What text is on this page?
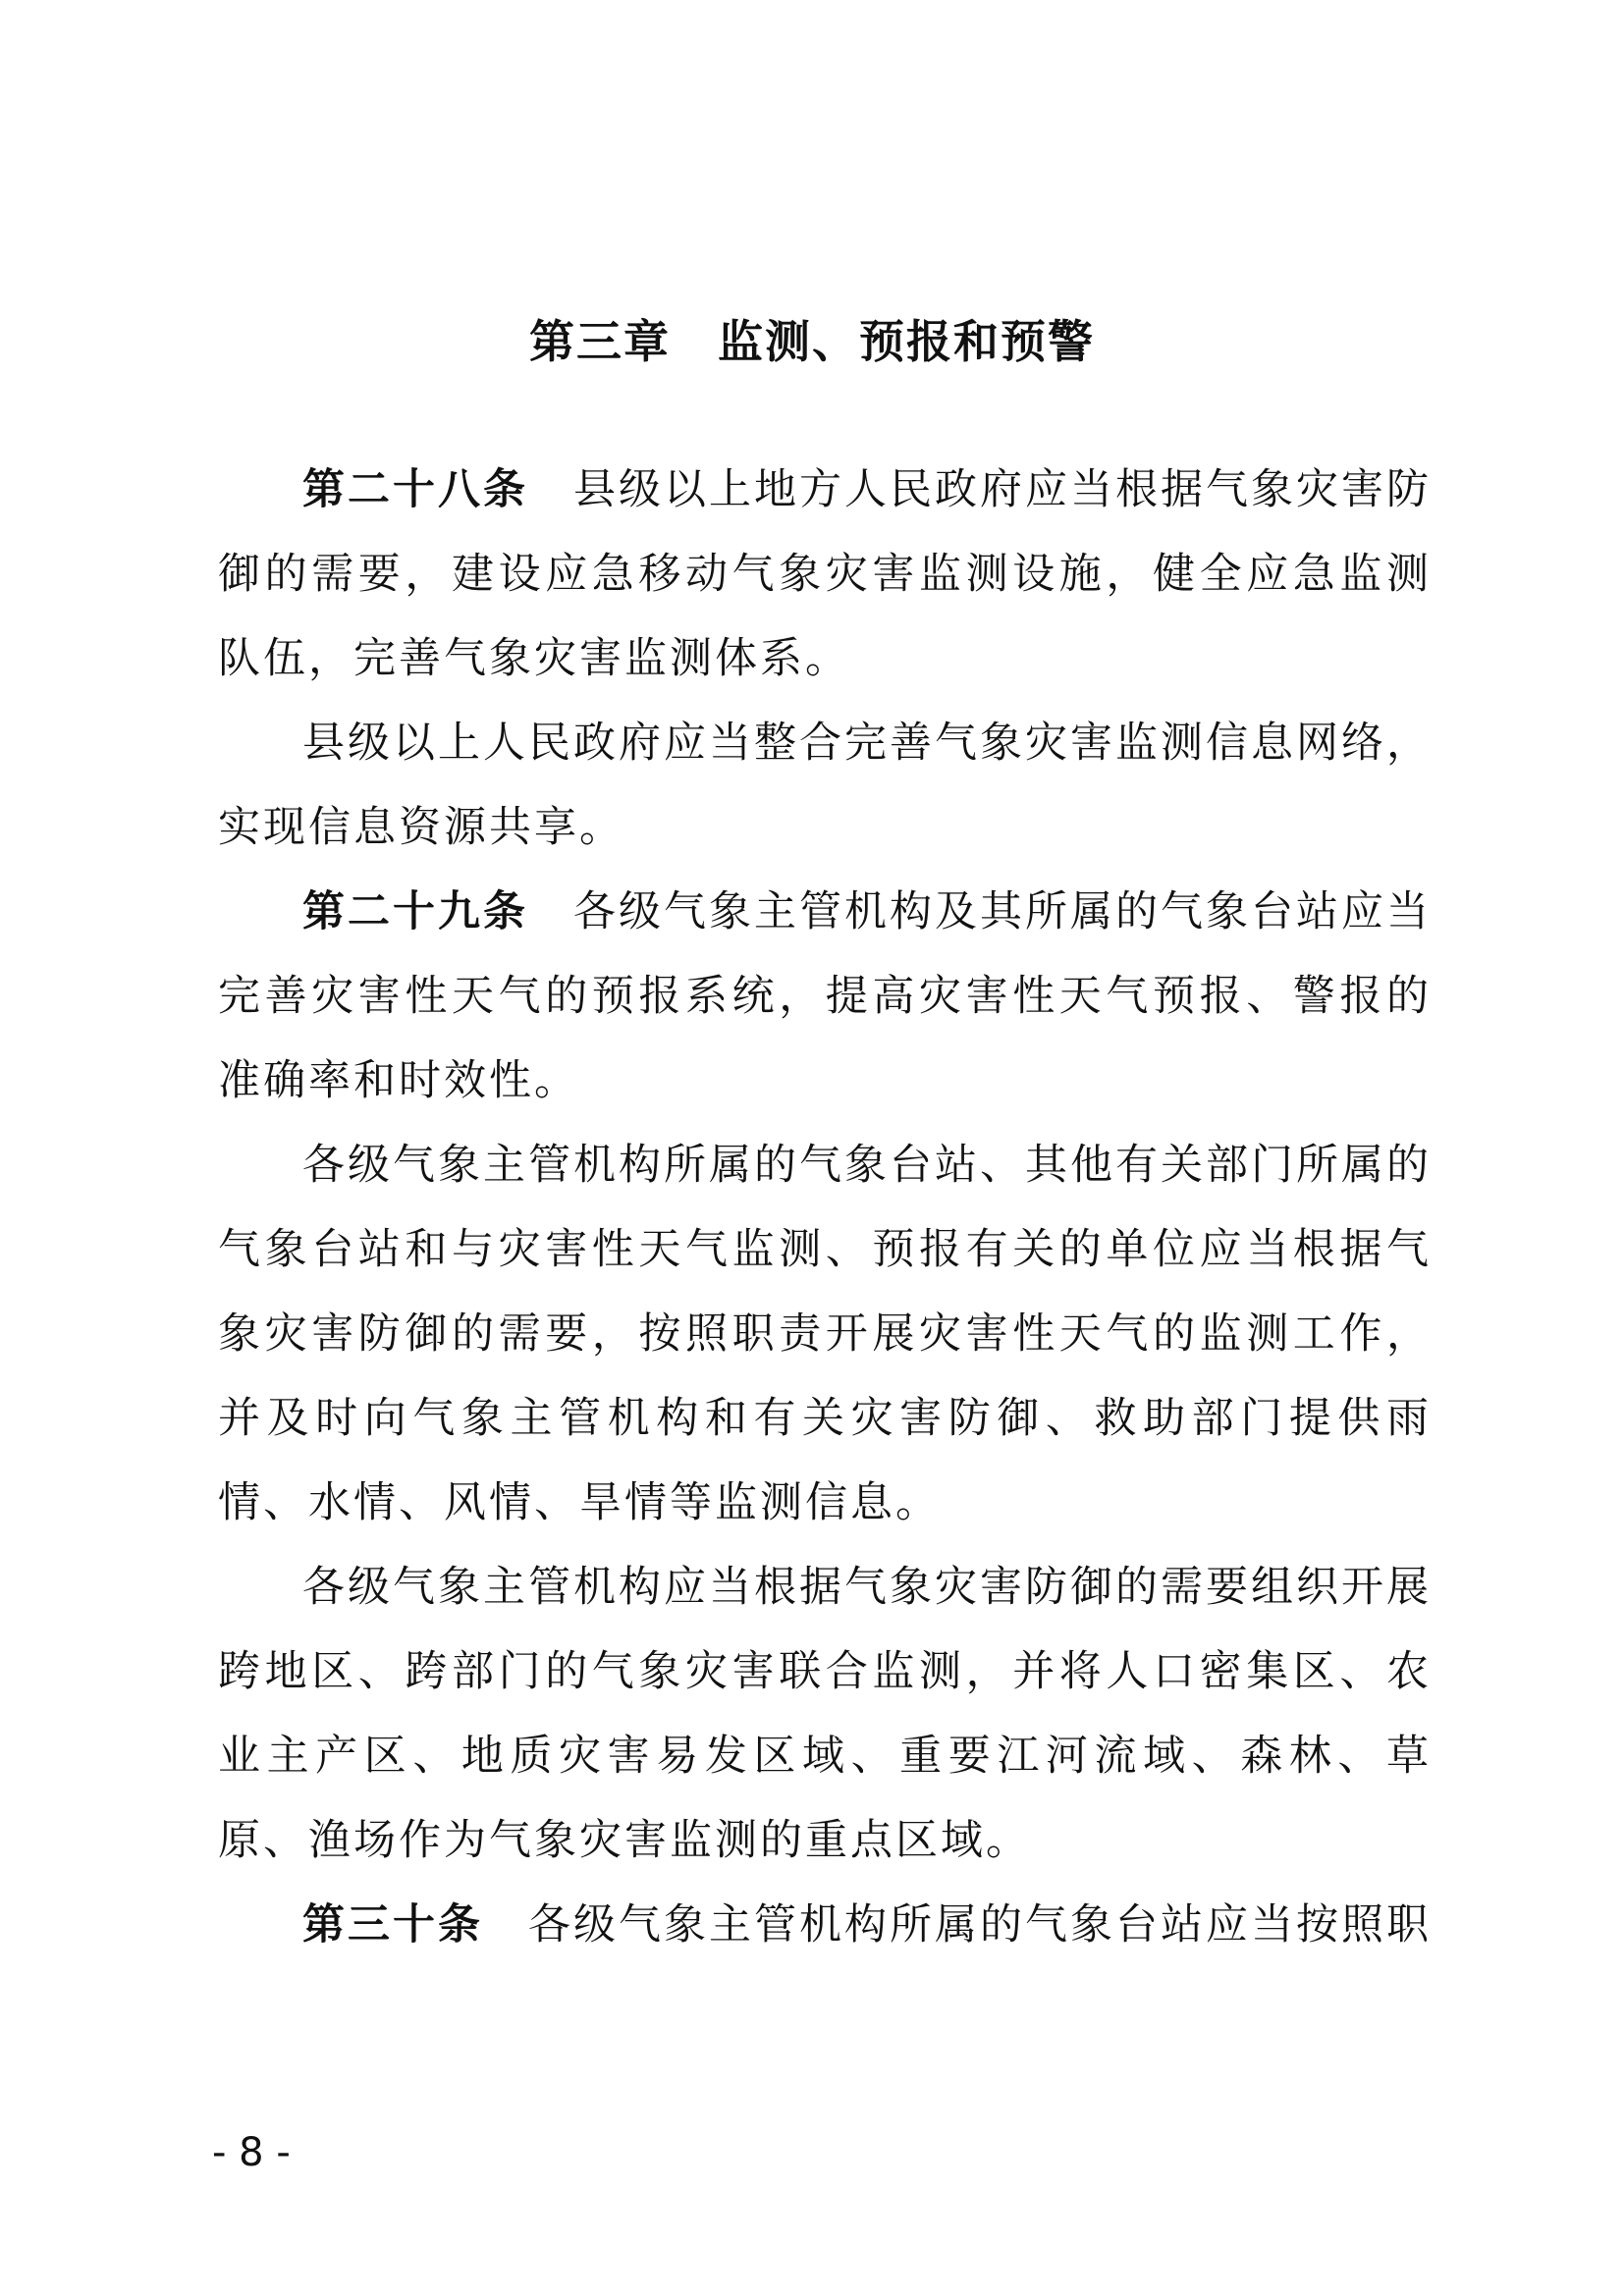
第三章 监测、预报和预警

第二十八条 县级以上地方人民政府应当根据气象灾害防御的需要，建设应急移动气象灾害监测设施，健全应急监测队伍，完善气象灾害监测体系。

县级以上人民政府应当整合完善气象灾害监测信息网络，实现信息资源共享。

第二十九条 各级气象主管机构及其所属的气象台站应当完善灾害性天气的预报系统，提高灾害性天气预报、警报的准确率和时效性。

各级气象主管机构所属的气象台站、其他有关部门所属的气象台站和与灾害性天气监测、预报有关的单位应当根据气象灾害防御的需要，按照职责开展灾害性天气的监测工作，并及时向气象主管机构和有关灾害防御、救助部门提供雨情、水情、风情、旱情等监测信息。

各级气象主管机构应当根据气象灾害防御的需要组织开展跨地区、跨部门的气象灾害联合监测，并将人口密集区、农业主产区、地质灾害易发区域、重要江河流域、森林、草原、渔场作为气象灾害监测的重点区域。

第三十条 各级气象主管机构所属的气象台站应当按照职

- 8 -
